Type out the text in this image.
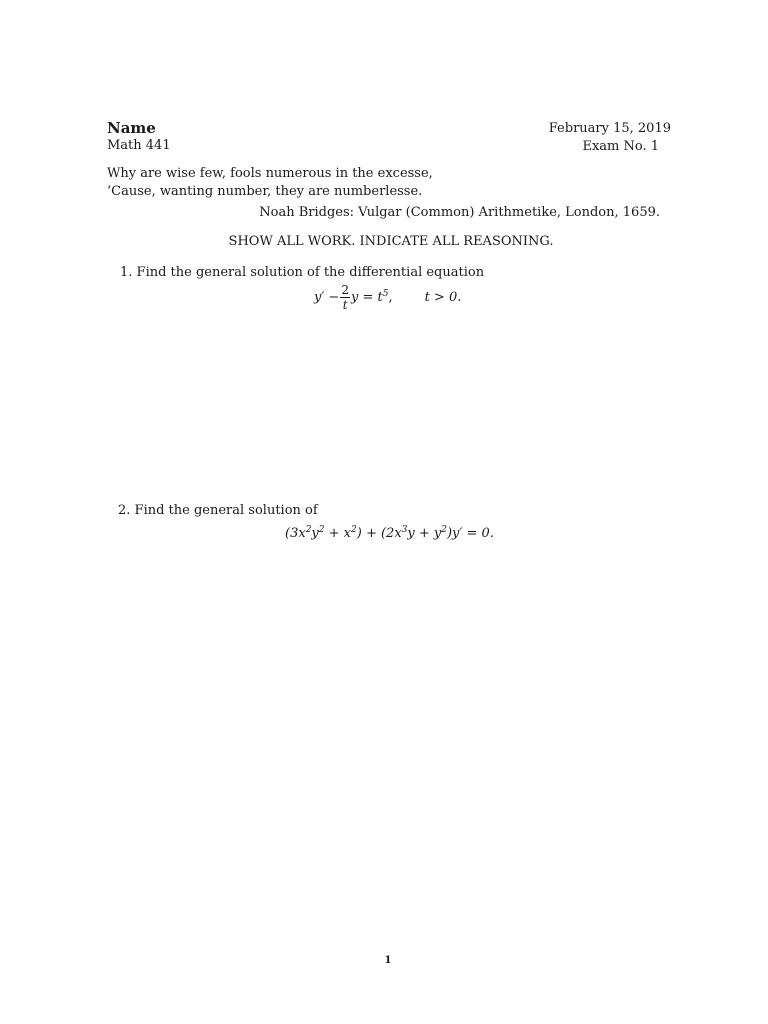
Name
Math 441
February 15, 2019
Exam No. 1
Why are wise few, fools numerous in the excesse,
‘Cause, wanting number, they are numberlesse.
Noah Bridges: Vulgar (Common) Arithmetike, London, 1659.
SHOW ALL WORK. INDICATE ALL REASONING.
1. Find the general solution of the differential equation
$y' - \frac{2}{t}$ $y = t^5$, t > 0.
2. Find the general solution of
$(3x^2y^2 + x^2) + (2x^3y + y^2)y' = 0$.
1
